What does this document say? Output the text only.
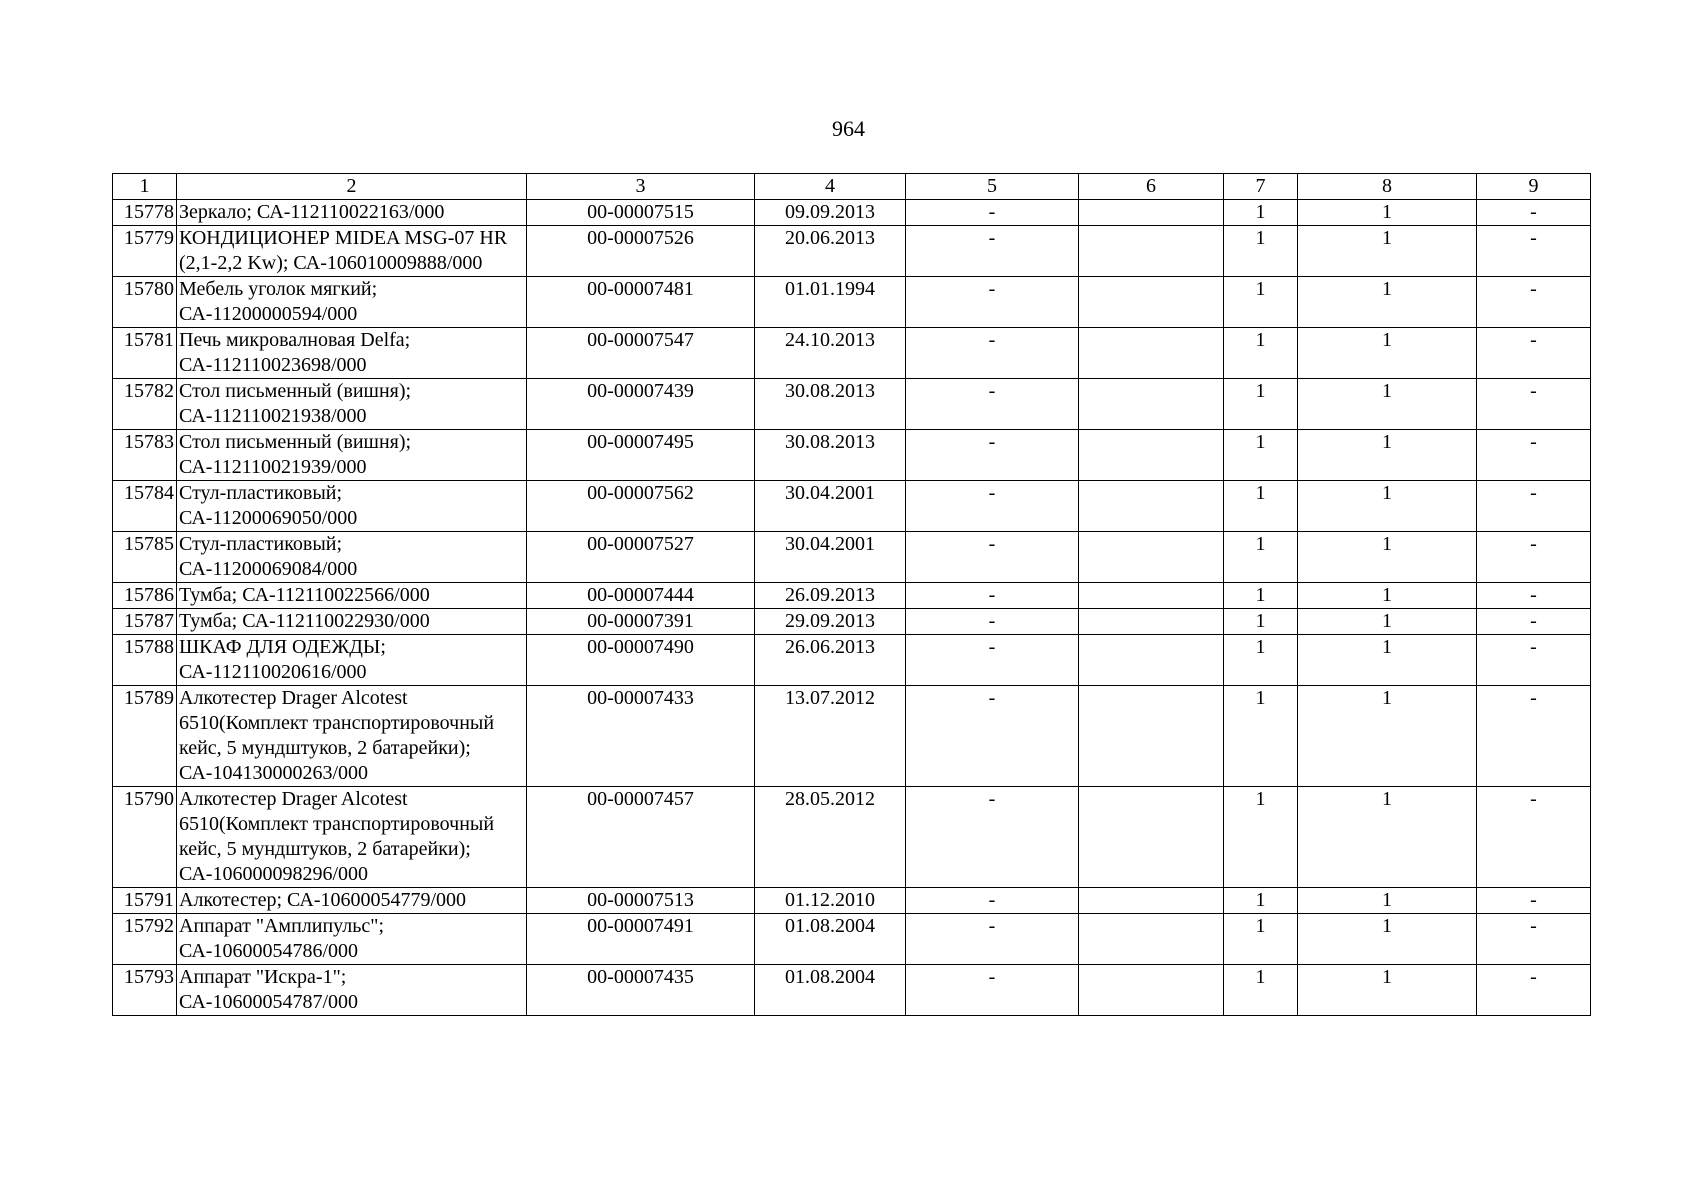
964
1	2	3	4	5	6	7	8	9
15778	Зеркало; СА-112110022163/000	00-00007515	09.09.2013	-		1	1	-
15779	КОНДИЦИОНЕР MIDEA MSG-07 HR (2,1-2,2 Kw); СА-106010009888/000	00-00007526	20.06.2013	-		1	1	-
15780	Мебель уголок мягкий; СА-11200000594/000	00-00007481	01.01.1994	-		1	1	-
15781	Печь микровалновая Delfa; СА-112110023698/000	00-00007547	24.10.2013	-		1	1	-
15782	Стол письменный (вишня); СА-112110021938/000	00-00007439	30.08.2013	-		1	1	-
15783	Стол письменный (вишня); СА-112110021939/000	00-00007495	30.08.2013	-		1	1	-
15784	Стул-пластиковый; СА-11200069050/000	00-00007562	30.04.2001	-		1	1	-
15785	Стул-пластиковый; СА-11200069084/000	00-00007527	30.04.2001	-		1	1	-
15786	Тумба; СА-112110022566/000	00-00007444	26.09.2013	-		1	1	-
15787	Тумба; СА-112110022930/000	00-00007391	29.09.2013	-		1	1	-
15788	ШКАФ ДЛЯ ОДЕЖДЫ; СА-112110020616/000	00-00007490	26.06.2013	-		1	1	-
15789	Алкотестер Drager Alcotest 6510(Комплект транспортировочный кейс, 5 мундштуков, 2 батарейки); СА-104130000263/000	00-00007433	13.07.2012	-		1	1	-
15790	Алкотестер Drager Alcotest 6510(Комплект транспортировочный кейс, 5 мундштуков, 2 батарейки); СА-106000098296/000	00-00007457	28.05.2012	-		1	1	-
15791	Алкотестер; СА-10600054779/000	00-00007513	01.12.2010	-		1	1	-
15792	Аппарат "Амплипульс"; СА-10600054786/000	00-00007491	01.08.2004	-		1	1	-
15793	Аппарат "Искра-1"; СА-10600054787/000	00-00007435	01.08.2004	-		1	1	-
